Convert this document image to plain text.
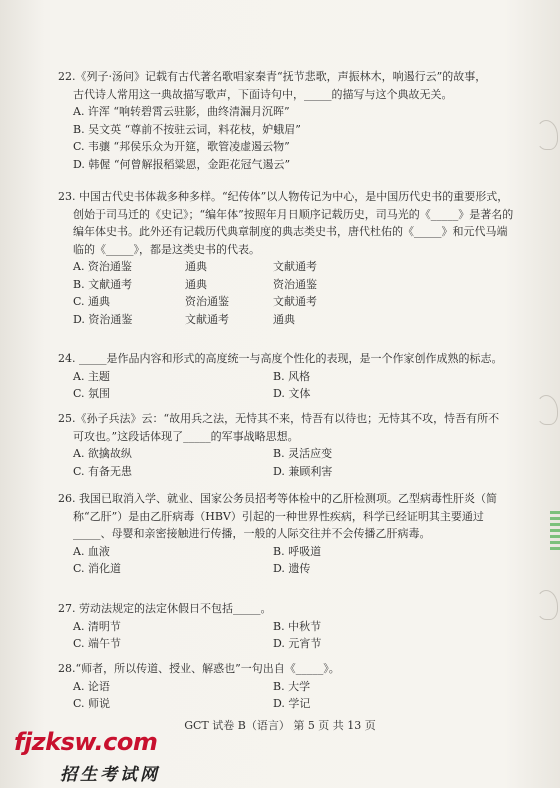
22.《列子·汤问》记载有古代著名歌唱家秦青“抚节悲歌，声振林木，响遏行云”的故事，

古代诗人常用这一典故描写歌声，下面诗句中，_____的描写与这个典故无关。

A. 许浑 “响转碧霄云驻影，曲终清漏月沉晖”
B. 吴文英 “尊前不按驻云词，料花枝，妒蛾眉”
C. 韦骧 “邦侯乐众为开筵，歌管凌虚遏云物”
D. 韩偓 “何曾解报稻粱恩，金距花冠气遏云”

23. 中国古代史书体裁多种多样。“纪传体”以人物传记为中心，是中国历代史书的重要形式，

创始于司马迁的《史记》；“编年体”按照年月日顺序记载历史，司马光的《_____》是著名的编年体史书。此外还有记载历代典章制度的典志类史书，唐代杜佑的《_____》和元代马端临的《_____》，都是这类史书的代表。

A. 资治通鉴	通典	文献通考
B. 文献通考	通典	资治通鉴
C. 通典	资治通鉴	文献通考
D. 资治通鉴	文献通考	通典

24. _____是作品内容和形式的高度统一与高度个性化的表现，是一个作家创作成熟的标志。

A. 主题	B. 风格
C. 氛围	D. 文体

25.《孙子兵法》云：“故用兵之法，无恃其不来，恃吾有以待也；无恃其不攻，恃吾有所不

可攻也。”这段话体现了_____的军事战略思想。

A. 欲擒故纵	B. 灵活应变
C. 有备无患	D. 兼顾利害

26. 我国已取消入学、就业、国家公务员招考等体检中的乙肝检测项。乙型病毒性肝炎（简

称“乙肝”）是由乙肝病毒（HBV）引起的一种世界性疾病，科学已经证明其主要通过_____、母婴和亲密接触进行传播，一般的人际交往并不会传播乙肝病毒。

A. 血液	B. 呼吸道
C. 消化道	D. 遗传

27. 劳动法规定的法定休假日不包括_____。

A. 清明节	B. 中秋节
C. 端午节	D. 元宵节

28.“师者，所以传道、授业、解惑也”一句出自《_____》。

A. 论语	B. 大学
C. 师说	D. 学记
GCT 试卷 B（语言） 第 5 页 共 13 页
fjzksw.com
招生考试网
